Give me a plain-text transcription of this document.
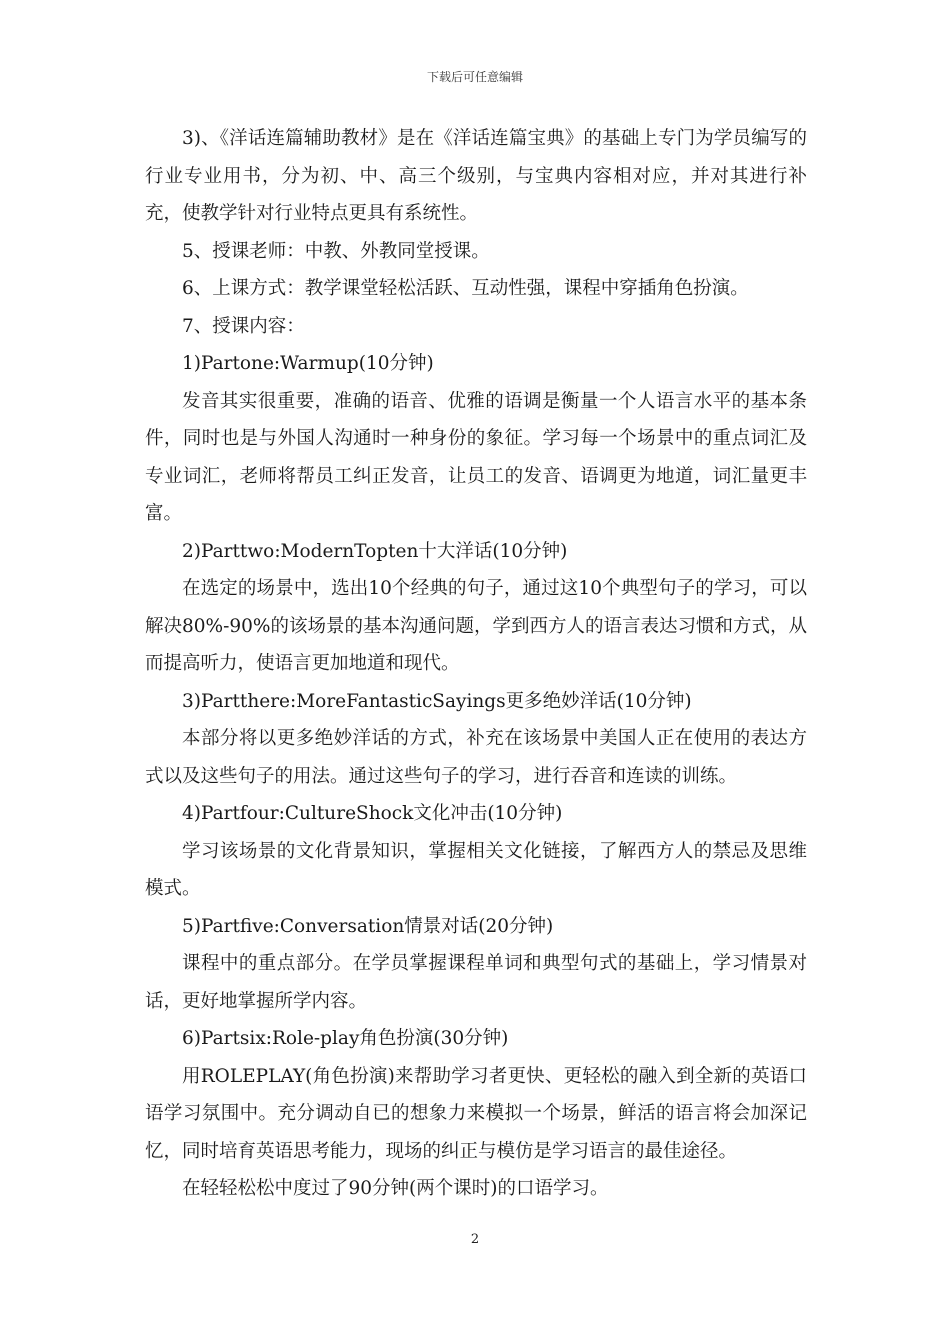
下载后可任意编辑

3)、《洋话连篇辅助教材》是在《洋话连篇宝典》的基础上专门为学员编写的行业专业用书，分为初、中、高三个级别，与宝典内容相对应，并对其进行补充，使教学针对行业特点更具有系统性。

5、授课老师：中教、外教同堂授课。

6、上课方式：教学课堂轻松活跃、互动性强，课程中穿插角色扮演。

7、授课内容：

1)Partone:Warmup(10分钟)

发音其实很重要，准确的语音、优雅的语调是衡量一个人语言水平的基本条件，同时也是与外国人沟通时一种身份的象征。学习每一个场景中的重点词汇及专业词汇，老师将帮员工纠正发音，让员工的发音、语调更为地道，词汇量更丰富。

2)Parttwo:ModernTopten十大洋话(10分钟)

在选定的场景中，选出10个经典的句子，通过这10个典型句子的学习，可以解决80%-90%的该场景的基本沟通问题，学到西方人的语言表达习惯和方式，从而提高听力，使语言更加地道和现代。

3)Partthere:MoreFantasticSayings更多绝妙洋话(10分钟)

本部分将以更多绝妙洋话的方式，补充在该场景中美国人正在使用的表达方式以及这些句子的用法。通过这些句子的学习，进行吞音和连读的训练。

4)Partfour:CultureShock文化冲击(10分钟)

学习该场景的文化背景知识，掌握相关文化链接，了解西方人的禁忌及思维模式。

5)Partfive:Conversation情景对话(20分钟)

课程中的重点部分。在学员掌握课程单词和典型句式的基础上，学习情景对话，更好地掌握所学内容。

6)Partsix:Role-play角色扮演(30分钟)

用ROLEPLAY(角色扮演)来帮助学习者更快、更轻松的融入到全新的英语口语学习氛围中。充分调动自已的想象力来模拟一个场景，鲜活的语言将会加深记忆，同时培育英语思考能力，现场的纠正与模仿是学习语言的最佳途径。

在轻轻松松中度过了90分钟(两个课时)的口语学习。

2
